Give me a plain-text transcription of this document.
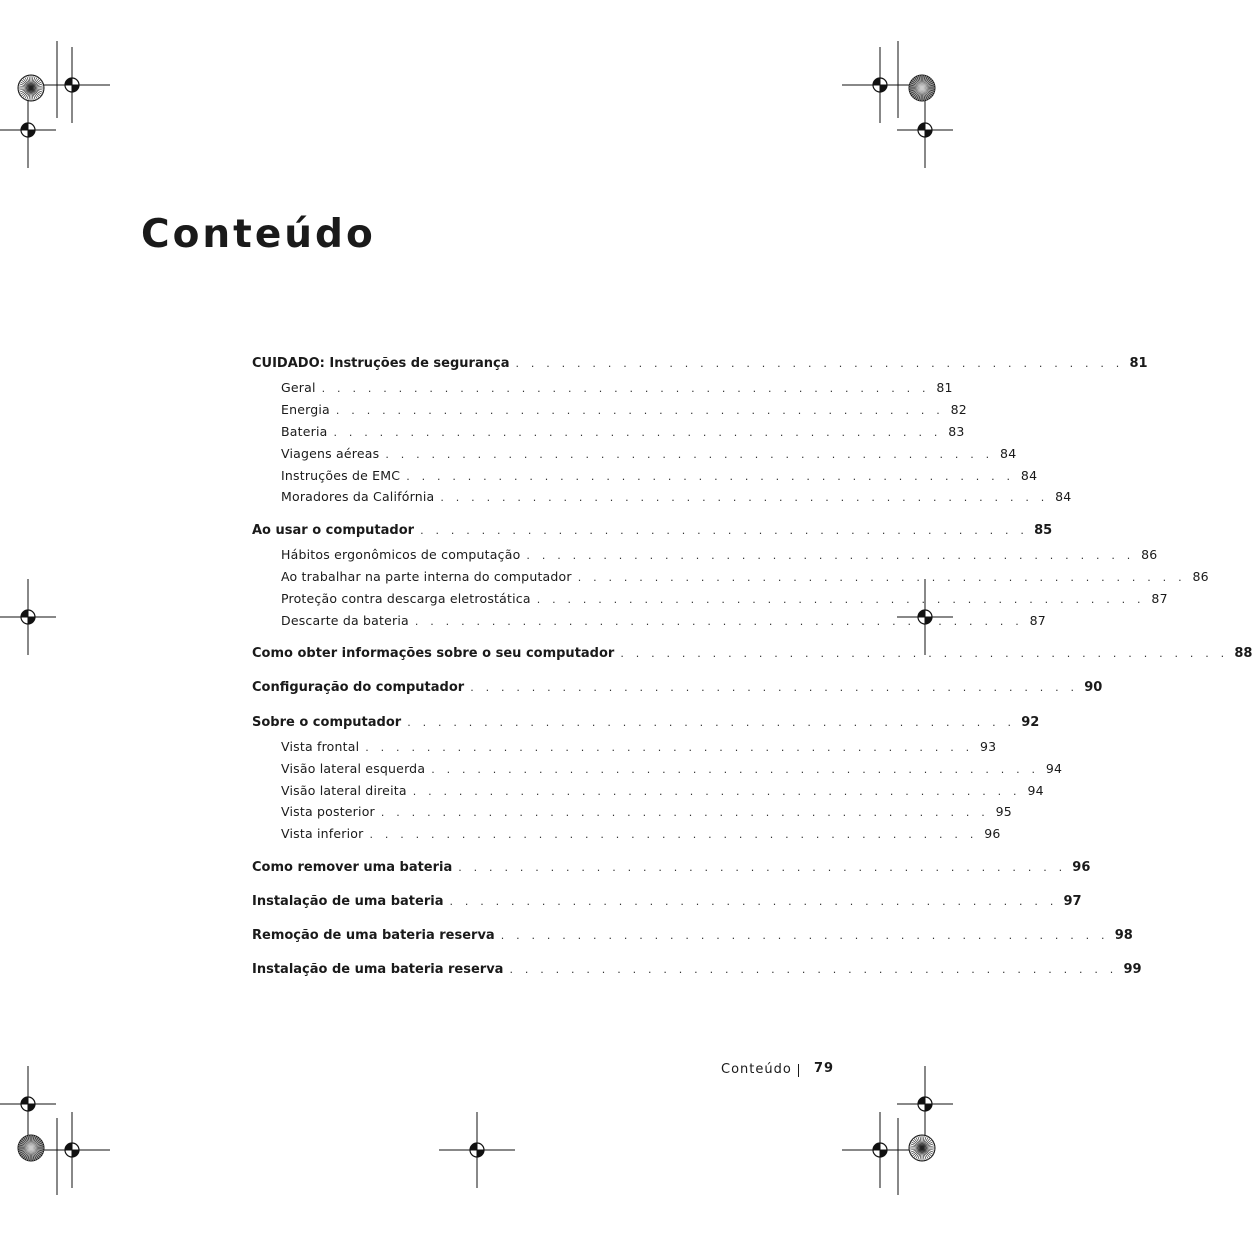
Conteúdo
CUIDADO: Instruções de segurança . . . . . . . . . . . . . . . . . . . . . . . . . . . . . . . . . . . . . . . . 81
Geral . . . . . . . . . . . . . . . . . . . . . . . . . . . . . . . . . . . . . . . . 81
Energia . . . . . . . . . . . . . . . . . . . . . . . . . . . . . . . . . . . . . . . . 82
Bateria . . . . . . . . . . . . . . . . . . . . . . . . . . . . . . . . . . . . . . . . 83
Viagens aéreas . . . . . . . . . . . . . . . . . . . . . . . . . . . . . . . . . . . . . . . . 84
Instruções de EMC . . . . . . . . . . . . . . . . . . . . . . . . . . . . . . . . . . . . . . . . 84
Moradores da Califórnia . . . . . . . . . . . . . . . . . . . . . . . . . . . . . . . . . . . . . . . . 84
Ao usar o computador . . . . . . . . . . . . . . . . . . . . . . . . . . . . . . . . . . . . . . . . 85
Hábitos ergonômicos de computação . . . . . . . . . . . . . . . . . . . . . . . . . . . . . . . . . . . . . . . . 86
Ao trabalhar na parte interna do computador . . . . . . . . . . . . . . . . . . . . . . . . . . . . . . . . . . . . . . . . 86
Proteção contra descarga eletrostática . . . . . . . . . . . . . . . . . . . . . . . . . . . . . . . . . . . . . . . . 87
Descarte da bateria . . . . . . . . . . . . . . . . . . . . . . . . . . . . . . . . . . . . . . . . 87
Como obter informações sobre o seu computador . . . . . . . . . . . . . . . . . . . . . . . . . . . . . . . . . . . . . . . . 88
Configuração do computador . . . . . . . . . . . . . . . . . . . . . . . . . . . . . . . . . . . . . . . . 90
Sobre o computador . . . . . . . . . . . . . . . . . . . . . . . . . . . . . . . . . . . . . . . . 92
Vista frontal . . . . . . . . . . . . . . . . . . . . . . . . . . . . . . . . . . . . . . . . 93
Visão lateral esquerda . . . . . . . . . . . . . . . . . . . . . . . . . . . . . . . . . . . . . . . . 94
Visão lateral direita . . . . . . . . . . . . . . . . . . . . . . . . . . . . . . . . . . . . . . . . 94
Vista posterior . . . . . . . . . . . . . . . . . . . . . . . . . . . . . . . . . . . . . . . . 95
Vista inferior . . . . . . . . . . . . . . . . . . . . . . . . . . . . . . . . . . . . . . . . 96
Como remover uma bateria . . . . . . . . . . . . . . . . . . . . . . . . . . . . . . . . . . . . . . . . 96
Instalação de uma bateria . . . . . . . . . . . . . . . . . . . . . . . . . . . . . . . . . . . . . . . . 97
Remoção de uma bateria reserva . . . . . . . . . . . . . . . . . . . . . . . . . . . . . . . . . . . . . . . . 98
Instalação de uma bateria reserva . . . . . . . . . . . . . . . . . . . . . . . . . . . . . . . . . . . . . . . . 99
Conteúdo 79
